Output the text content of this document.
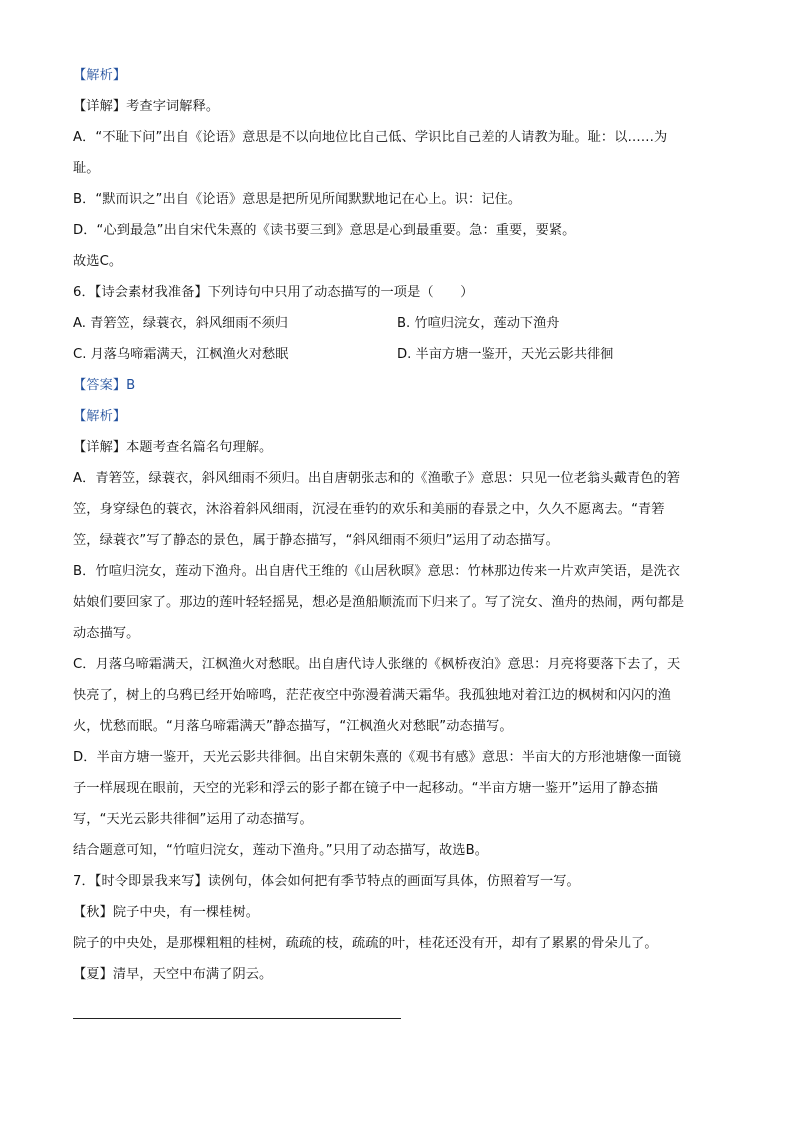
【解析】
【详解】考查字词解释。
A．“不耻下问”出自《论语》意思是不以向地位比自己低、学识比自己差的人请教为耻。耻：以……为
耻。
B．“默而识之”出自《论语》意思是把所见所闻默默地记在心上。识：记住。
D．“心到最急”出自宋代朱熹的《读书要三到》意思是心到最重要。急：重要，要紧。
故选C。
6．【诗会素材我准备】下列诗句中只用了动态描写的一项是（　　）
A. 青箬笠，绿蓑衣，斜风细雨不须归	B. 竹喧归浣女，莲动下渔舟
C. 月落乌啼霜满天，江枫渔火对愁眠	D. 半亩方塘一鉴开，天光云影共徘徊
【答案】B
【解析】
【详解】本题考查名篇名句理解。
A．青箬笠，绿蓑衣，斜风细雨不须归。出自唐朝张志和的《渔歌子》意思：只见一位老翁头戴青色的箬
笠，身穿绿色的蓑衣，沐浴着斜风细雨，沉浸在垂钓的欢乐和美丽的春景之中，久久不愿离去。“青箬
笠，绿蓑衣”写了静态的景色，属于静态描写，“斜风细雨不须归”运用了动态描写。
B．竹喧归浣女，莲动下渔舟。出自唐代王维的《山居秋暝》意思：竹林那边传来一片欢声笑语，是洗衣
姑娘们要回家了。那边的莲叶轻轻摇晃，想必是渔船顺流而下归来了。写了浣女、渔舟的热闹，两句都是
动态描写。
C．月落乌啼霜满天，江枫渔火对愁眠。出自唐代诗人张继的《枫桥夜泊》意思：月亮将要落下去了，天
快亮了，树上的乌鸦已经开始啼鸣，茫茫夜空中弥漫着满天霜华。我孤独地对着江边的枫树和闪闪的渔
火，忧愁而眠。“月落乌啼霜满天”静态描写，“江枫渔火对愁眠”动态描写。
D．半亩方塘一鉴开，天光云影共徘徊。出自宋朝朱熹的《观书有感》意思：半亩大的方形池塘像一面镜
子一样展现在眼前，天空的光彩和浮云的影子都在镜子中一起移动。“半亩方塘一鉴开”运用了静态描
写，“天光云影共徘徊”运用了动态描写。
结合题意可知，“竹喧归浣女，莲动下渔舟。”只用了动态描写，故选B。
7．【时令即景我来写】读例句，体会如何把有季节特点的画面写具体，仿照着写一写。
【秋】院子中央，有一棵桂树。
院子的中央处，是那棵粗粗的桂树，疏疏的枝，疏疏的叶，桂花还没有开，却有了累累的骨朵儿了。
【夏】清早，天空中布满了阴云。
